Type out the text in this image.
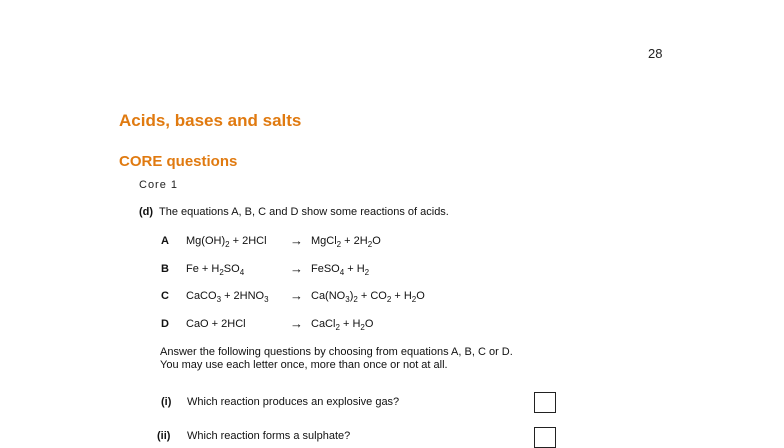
28
Acids, bases and salts
CORE questions
Core 1
(d) The equations A, B, C and D show some reactions of acids.
A $Mg(OH)_2 + 2HCl$ → MgCl$_2$ + $2H_2O$
B $Fe + H_2SO_4$	→ FeSO$_4$ + $H_2$
C CaCO$_3$ + $2HNO_3 \to Ca(NO_3)_2 + CO_2 + H_2O$
D CaO + 2HCl	→ CaCl$_2$ + $H_2O$
Answer the following questions by choosing from equations A, B, C or D.
You may use each letter once, more than once or not at all.
(i) Which reaction produces an explosive gas?
(ii) Which reaction forms a sulphate?
